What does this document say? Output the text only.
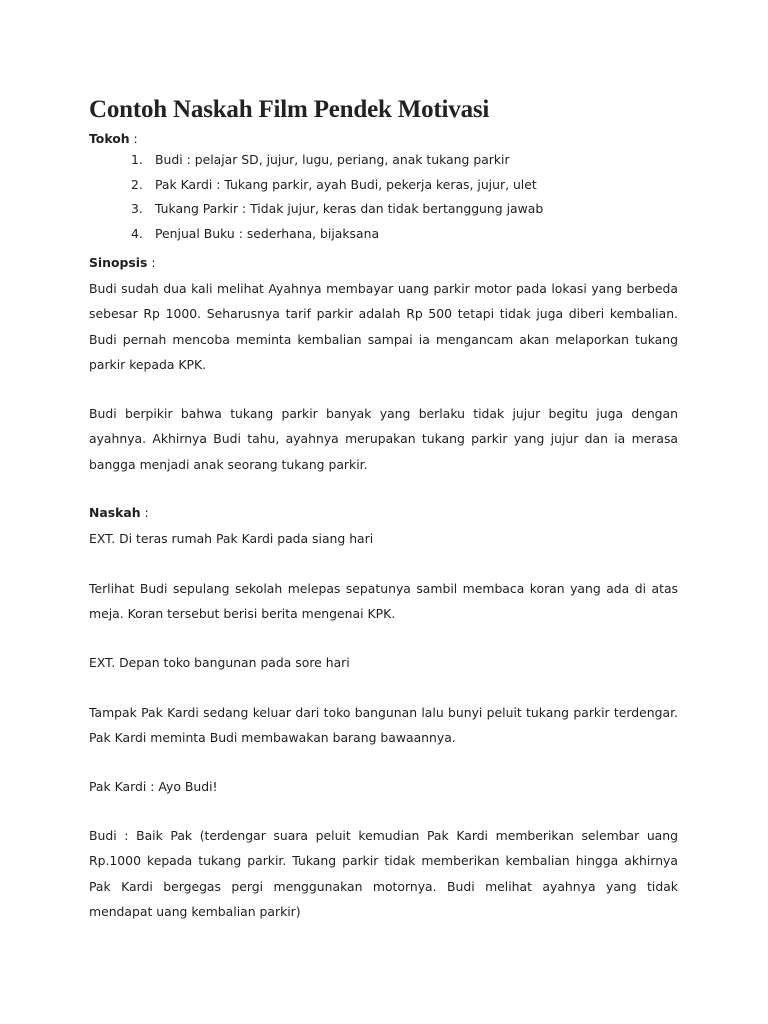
Contoh Naskah Film Pendek Motivasi
Tokoh :
1. Budi : pelajar SD, jujur, lugu, periang, anak tukang parkir
2. Pak Kardi : Tukang parkir, ayah Budi, pekerja keras, jujur, ulet
3. Tukang Parkir : Tidak jujur, keras dan tidak bertanggung jawab
4. Penjual Buku : sederhana, bijaksana
Sinopsis :

Budi sudah dua kali melihat Ayahnya membayar uang parkir motor pada lokasi yang berbeda sebesar Rp 1000. Seharusnya tarif parkir adalah Rp 500 tetapi tidak juga diberi kembalian. Budi pernah mencoba meminta kembalian sampai ia mengancam akan melaporkan tukang parkir kepada KPK.

Budi berpikir bahwa tukang parkir banyak yang berlaku tidak jujur begitu juga dengan ayahnya. Akhirnya Budi tahu, ayahnya merupakan tukang parkir yang jujur dan ia merasa bangga menjadi anak seorang tukang parkir.

Naskah :

EXT. Di teras rumah Pak Kardi pada siang hari

Terlihat Budi sepulang sekolah melepas sepatunya sambil membaca koran yang ada di atas meja. Koran tersebut berisi berita mengenai KPK.

EXT. Depan toko bangunan pada sore hari

Tampak Pak Kardi sedang keluar dari toko bangunan lalu bunyi peluit tukang parkir terdengar. Pak Kardi meminta Budi membawakan barang bawaannya.

Pak Kardi : Ayo Budi!

Budi : Baik Pak (terdengar suara peluit kemudian Pak Kardi memberikan selembar uang Rp.1000 kepada tukang parkir. Tukang parkir tidak memberikan kembalian hingga akhirnya Pak Kardi bergegas pergi menggunakan motornya. Budi melihat ayahnya yang tidak mendapat uang kembalian parkir)
